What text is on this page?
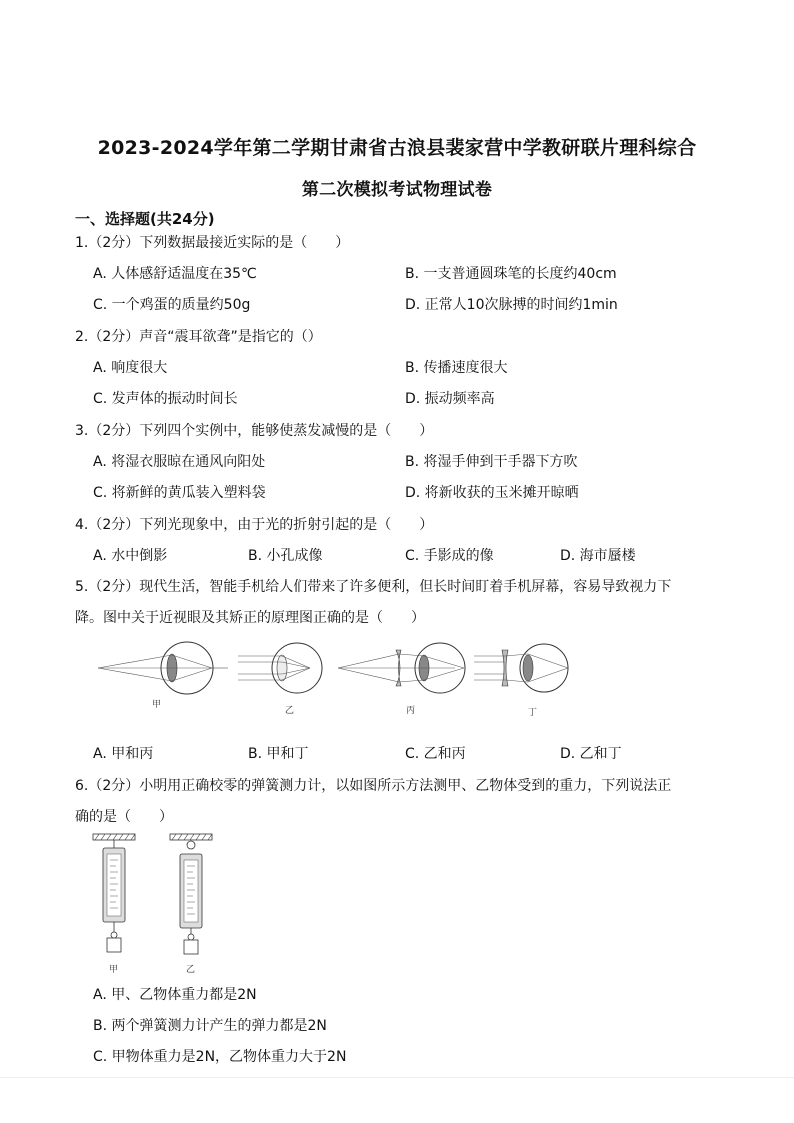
2023-2024学年第二学期甘肃省古浪县裴家营中学教研联片理科综合
第二次模拟考试物理试卷
一、选择题(共24分)
1.（2分）下列数据最接近实际的是（　　）
A. 人体感舒适温度在35℃	B. 一支普通圆珠笔的长度约40cm
C. 一个鸡蛋的质量约50g	D. 正常人10次脉搏的时间约1min
2.（2分）声音“震耳欲聋”是指它的（）
A. 响度很大	B. 传播速度很大
C. 发声体的振动时间长	D. 振动频率高
3.（2分）下列四个实例中，能够使蒸发减慢的是（　　）
A. 将湿衣服晾在通风向阳处	B. 将湿手伸到干手器下方吹
C. 将新鲜的黄瓜装入塑料袋	D. 将新收获的玉米摊开晾晒
4.（2分）下列光现象中，由于光的折射引起的是（　　）
A. 水中倒影	B. 小孔成像	C. 手影成的像	D. 海市蜃楼
5.（2分）现代生活，智能手机给人们带来了许多便利，但长时间盯着手机屏幕，容易导致视力下
降。图中关于近视眼及其矫正的原理图正确的是（　　）
甲
乙	丙	丁
A. 甲和丙	B. 甲和丁	C. 乙和丙	D. 乙和丁
6.（2分）小明用正确校零的弹簧测力计，以如图所示方法测甲、乙物体受到的重力，下列说法正
确的是（　　）
甲	乙
A. 甲、乙物体重力都是2N
B. 两个弹簧测力计产生的弹力都是2N
C. 甲物体重力是2N，乙物体重力大于2N
